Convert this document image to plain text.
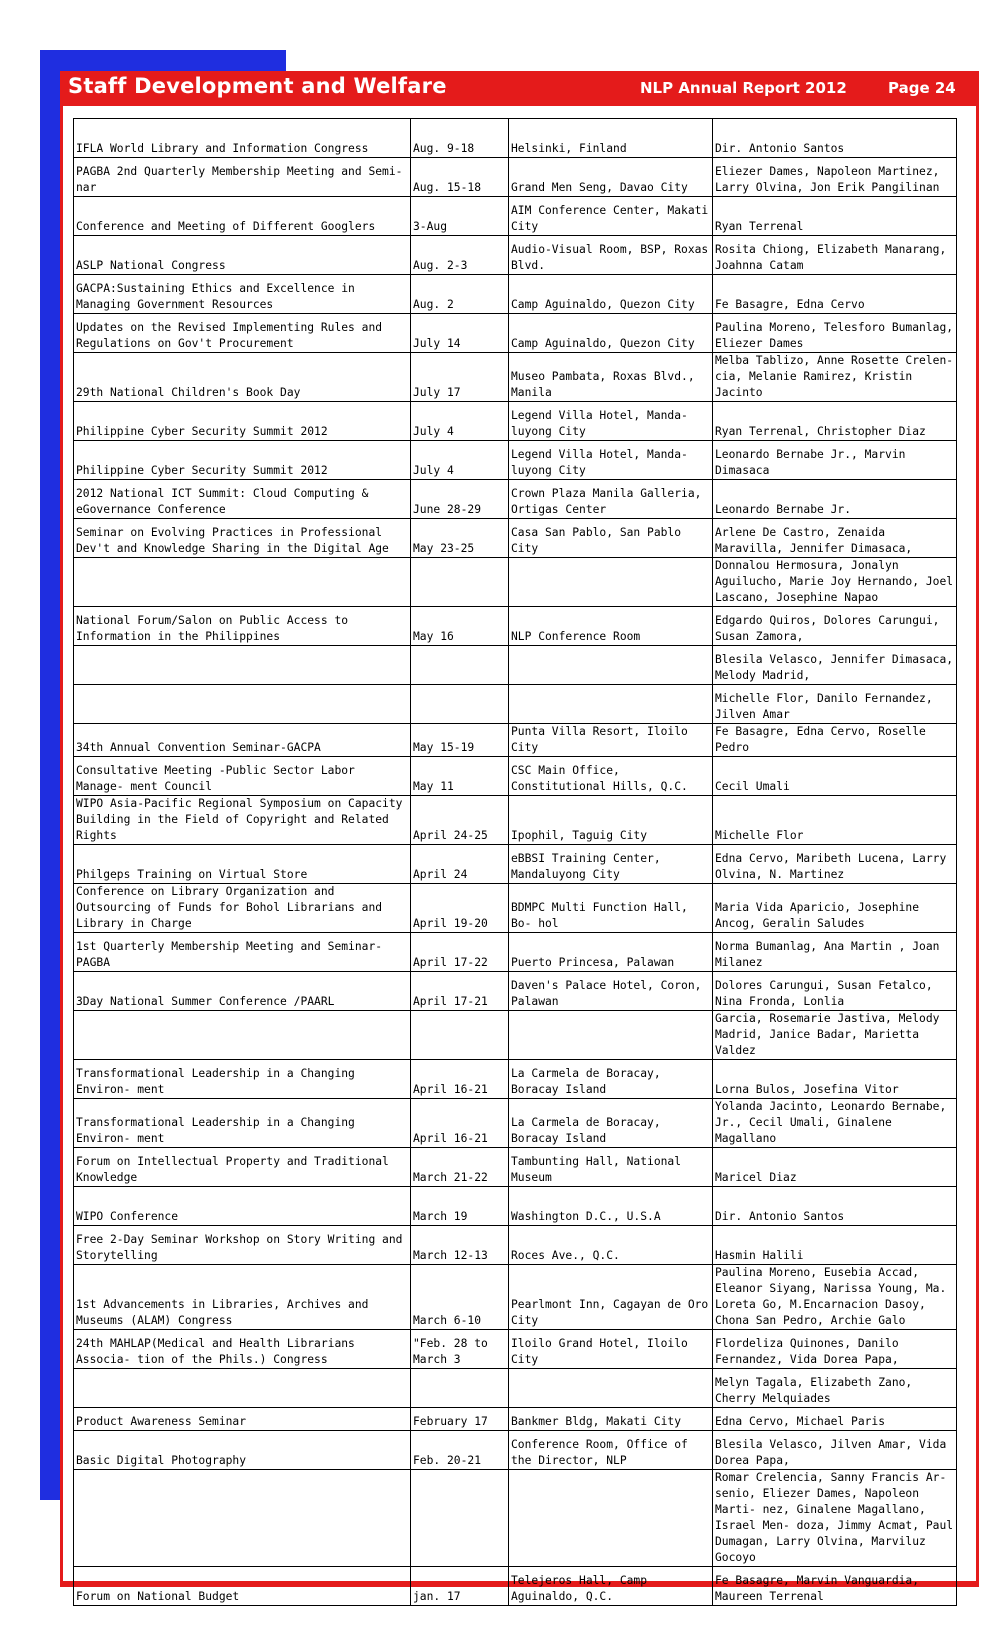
Staff Development and Welfare	NLP Annual Report 2012	Page 24
IFLA World Library and Information Congress	Aug. 9-18	Helsinki, Finland	Dir. Antonio Santos
PAGBA 2nd Quarterly Membership Meeting and Semi- nar	Aug. 15-18	Grand Men Seng, Davao City	Eliezer Dames, Napoleon Martinez, Larry Olvina, Jon Erik Pangilinan
Conference and Meeting of Different Googlers	3-Aug	AIM Conference Center, Makati City	Ryan Terrenal
ASLP National Congress	Aug. 2-3	Audio-Visual Room, BSP, Roxas Blvd.	Rosita Chiong, Elizabeth Manarang, Joahnna Catam
GACPA:Sustaining Ethics and Excellence in Managing Government Resources	Aug. 2	Camp Aguinaldo, Quezon City	Fe Basagre, Edna Cervo
Updates on the Revised Implementing Rules and Regulations on Gov't Procurement	July 14	Camp Aguinaldo, Quezon City	Paulina Moreno, Telesforo Bumanlag, Eliezer Dames
29th National Children's Book Day	July 17	Museo Pambata, Roxas Blvd., Manila	Melba Tablizo, Anne Rosette Crelen- cia, Melanie Ramirez, Kristin Jacinto
Philippine Cyber Security Summit 2012	July 4	Legend Villa Hotel, Manda- luyong City	Ryan Terrenal, Christopher Diaz
Philippine Cyber Security Summit 2012	July 4	Legend Villa Hotel, Manda- luyong City	Leonardo Bernabe Jr., Marvin Dimasaca
2012 National ICT Summit: Cloud Computing & eGovernance Conference	June 28-29	Crown Plaza Manila Galleria, Ortigas Center	Leonardo Bernabe Jr.
Seminar on Evolving Practices in Professional Dev't and Knowledge Sharing in the Digital Age	May 23-25	Casa San Pablo, San Pablo City	Arlene De Castro, Zenaida Maravilla, Jennifer Dimasaca,
			Donnalou Hermosura, Jonalyn Aguilucho, Marie Joy Hernando, Joel Lascano, Josephine Napao
National Forum/Salon on Public Access to Information in the Philippines	May 16	NLP Conference Room	Edgardo Quiros, Dolores Carungui, Susan Zamora,
			Blesila Velasco, Jennifer Dimasaca, Melody Madrid,
			Michelle Flor, Danilo Fernandez, Jilven Amar
34th Annual Convention Seminar-GACPA	May 15-19	Punta Villa Resort, Iloilo City	Fe Basagre, Edna Cervo, Roselle Pedro
Consultative Meeting -Public Sector Labor Manage- ment Council	May 11	CSC Main Office, Constitutional Hills, Q.C.	Cecil Umali
WIPO Asia-Pacific Regional Symposium on Capacity Building in the Field of Copyright and Related Rights	April 24-25	Ipophil, Taguig City	Michelle Flor
Philgeps Training on Virtual Store	April 24	eBBSI Training Center, Mandaluyong City	Edna Cervo, Maribeth Lucena, Larry Olvina, N. Martinez
Conference on Library Organization and Outsourcing of Funds for Bohol Librarians and Library in Charge	April 19-20	BDMPC Multi Function Hall, Bo- hol	Maria Vida Aparicio, Josephine Ancog, Geralin Saludes
1st Quarterly Membership Meeting and Seminar- PAGBA	April 17-22	Puerto Princesa, Palawan	Norma Bumanlag, Ana Martin , Joan Milanez
3Day National Summer Conference /PAARL	April 17-21	Daven's Palace Hotel, Coron, Palawan	Dolores Carungui, Susan Fetalco, Nina Fronda, Lonlia
			Garcia, Rosemarie Jastiva, Melody Madrid, Janice Badar, Marietta Valdez
Transformational Leadership in a Changing Environ- ment	April 16-21	La Carmela de Boracay, Boracay Island	Lorna Bulos, Josefina Vitor
Transformational Leadership in a Changing Environ- ment	April 16-21	La Carmela de Boracay, Boracay Island	Yolanda Jacinto, Leonardo Bernabe, Jr., Cecil Umali, Ginalene Magallano
Forum on Intellectual Property and Traditional Knowledge	March 21-22	Tambunting Hall, National Museum	Maricel Diaz
WIPO Conference	March 19	Washington D.C., U.S.A	Dir. Antonio Santos
Free 2-Day Seminar Workshop on Story Writing and Storytelling	March 12-13	Roces Ave., Q.C.	Hasmin Halili
1st Advancements in Libraries, Archives and Museums (ALAM) Congress	March 6-10	Pearlmont Inn, Cagayan de Oro City	Paulina Moreno, Eusebia Accad, Eleanor Siyang, Narissa Young, Ma. Loreta Go, M.Encarnacion Dasoy, Chona San Pedro, Archie Galo
24th MAHLAP(Medical and Health Librarians Associa- tion of the Phils.) Congress	"Feb. 28 to March 3	Iloilo Grand Hotel, Iloilo City	Flordeliza Quinones, Danilo Fernandez, Vida Dorea Papa,
			Melyn Tagala, Elizabeth Zano, Cherry Melquiades
Product Awareness Seminar	February 17	Bankmer Bldg, Makati City	Edna Cervo, Michael Paris
Basic Digital Photography	Feb. 20-21	Conference Room, Office of the Director, NLP	Blesila Velasco, Jilven Amar, Vida Dorea Papa,
			Romar Crelencia, Sanny Francis Ar- senio, Eliezer Dames, Napoleon Marti- nez, Ginalene Magallano, Israel Men- doza, Jimmy Acmat, Paul Dumagan, Larry Olvina, Marviluz Gocoyo
Forum on National Budget	jan. 17	Telejeros Hall, Camp Aguinaldo, Q.C.	Fe Basagre, Marvin Vanguardia, Maureen Terrenal
